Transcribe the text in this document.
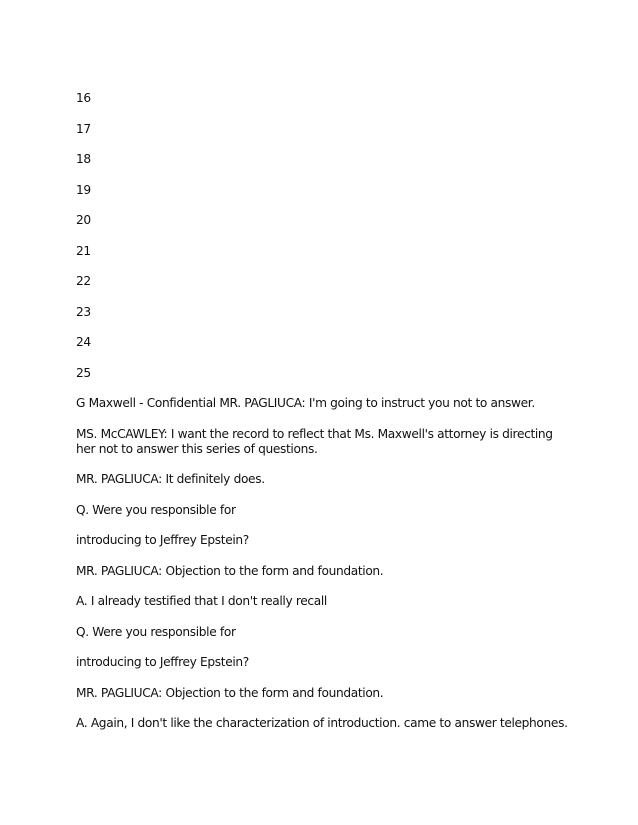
16
17
18
19
20
21
22
23
24
25
G Maxwell - Confidential MR. PAGLIUCA: I'm going to instruct you not to answer.
MS. McCAWLEY: I want the record to reflect that Ms. Maxwell's attorney is directing her not to answer this series of questions.
MR. PAGLIUCA: It definitely does.
Q. Were you responsible for
introducing to Jeffrey Epstein?
MR. PAGLIUCA: Objection to the form and foundation.
A. I already testified that I don't really recall
Q. Were you responsible for
introducing to Jeffrey Epstein?
MR. PAGLIUCA: Objection to the form and foundation.
A. Again, I don't like the characterization of introduction. came to answer telephones.
